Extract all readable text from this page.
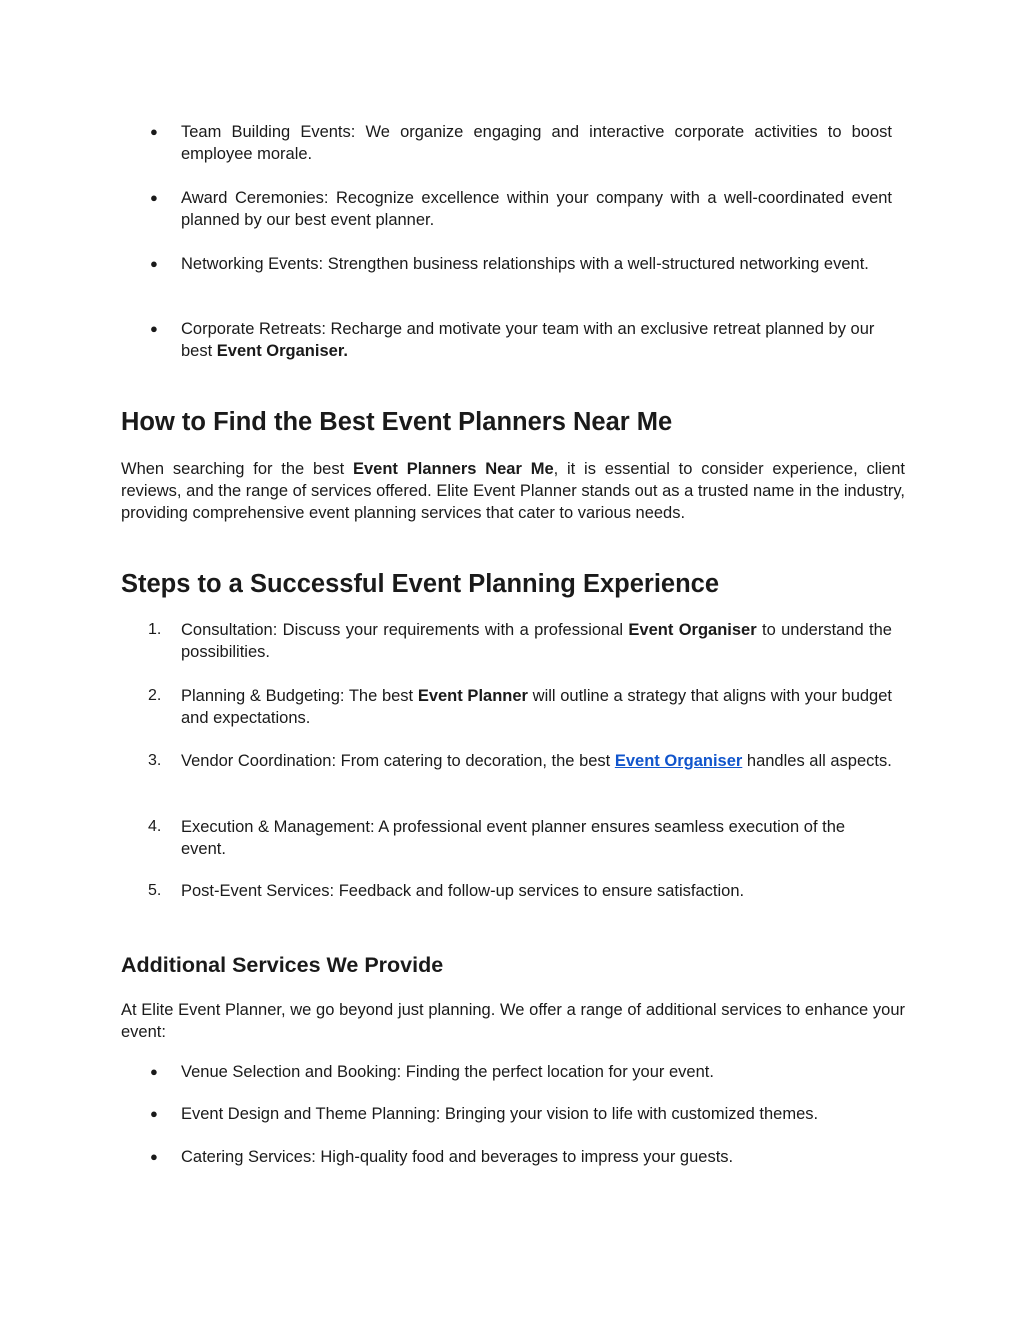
●	Team Building Events: We organize engaging and interactive corporate activities to boost employee morale.
●	Award Ceremonies: Recognize excellence within your company with a well-coordinated event planned by our best event planner.
●	Networking Events: Strengthen business relationships with a well-structured networking event.
●	Corporate Retreats: Recharge and motivate your team with an exclusive retreat planned by our best Event Organiser.
How to Find the Best Event Planners Near Me
When searching for the best Event Planners Near Me, it is essential to consider experience, client reviews, and the range of services offered. Elite Event Planner stands out as a trusted name in the industry, providing comprehensive event planning services that cater to various needs.
Steps to a Successful Event Planning Experience
1.	Consultation: Discuss your requirements with a professional Event Organiser to understand the possibilities.
2.	Planning & Budgeting: The best Event Planner will outline a strategy that aligns with your budget and expectations.
3.	Vendor Coordination: From catering to decoration, the best Event Organiser handles all aspects.
4.	Execution & Management: A professional event planner ensures seamless execution of the event.
5.	Post-Event Services: Feedback and follow-up services to ensure satisfaction.
Additional Services We Provide
At Elite Event Planner, we go beyond just planning. We offer a range of additional services to enhance your event:
●	Venue Selection and Booking: Finding the perfect location for your event.
●	Event Design and Theme Planning: Bringing your vision to life with customized themes.
●	Catering Services: High-quality food and beverages to impress your guests.
